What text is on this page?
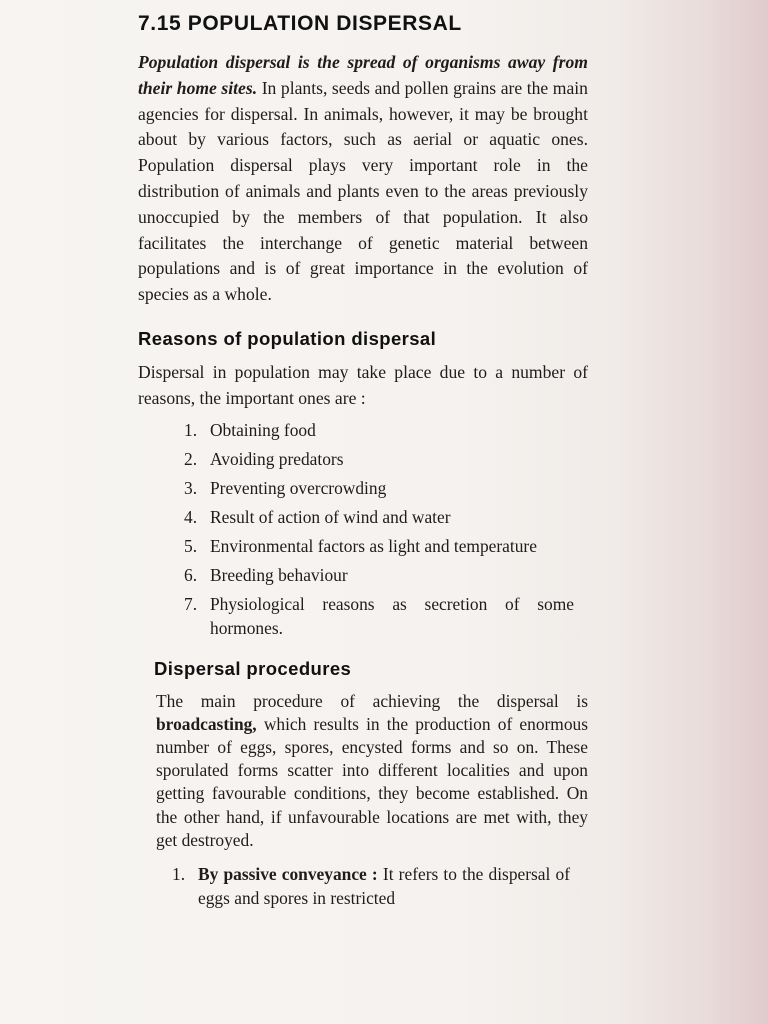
7.15 POPULATION DISPERSAL

Population dispersal is the spread of organisms away from their home sites. In plants, seeds and pollen grains are the main agencies for dispersal. In animals, however, it may be brought about by various factors, such as aerial or aquatic ones. Population dispersal plays very important role in the distribution of animals and plants even to the areas previously unoccupied by the members of that population. It also facilitates the interchange of genetic material between populations and is of great importance in the evolution of species as a whole.

Reasons of population dispersal

Dispersal in population may take place due to a number of reasons, the important ones are :

1. Obtaining food
2. Avoiding predators
3. Preventing overcrowding
4. Result of action of wind and water
5. Environmental factors as light and temperature
6. Breeding behaviour
7. Physiological reasons as secretion of some hormones.
Dispersal procedures

The main procedure of achieving the dispersal is broadcasting, which results in the production of enormous number of eggs, spores, encysted forms and so on. These sporulated forms scatter into different localities and upon getting favourable conditions, they become established. On the other hand, if unfavourable locations are met with, they get destroyed.

1. By passive conveyance : It refers to the dispersal of eggs and spores in restricted
